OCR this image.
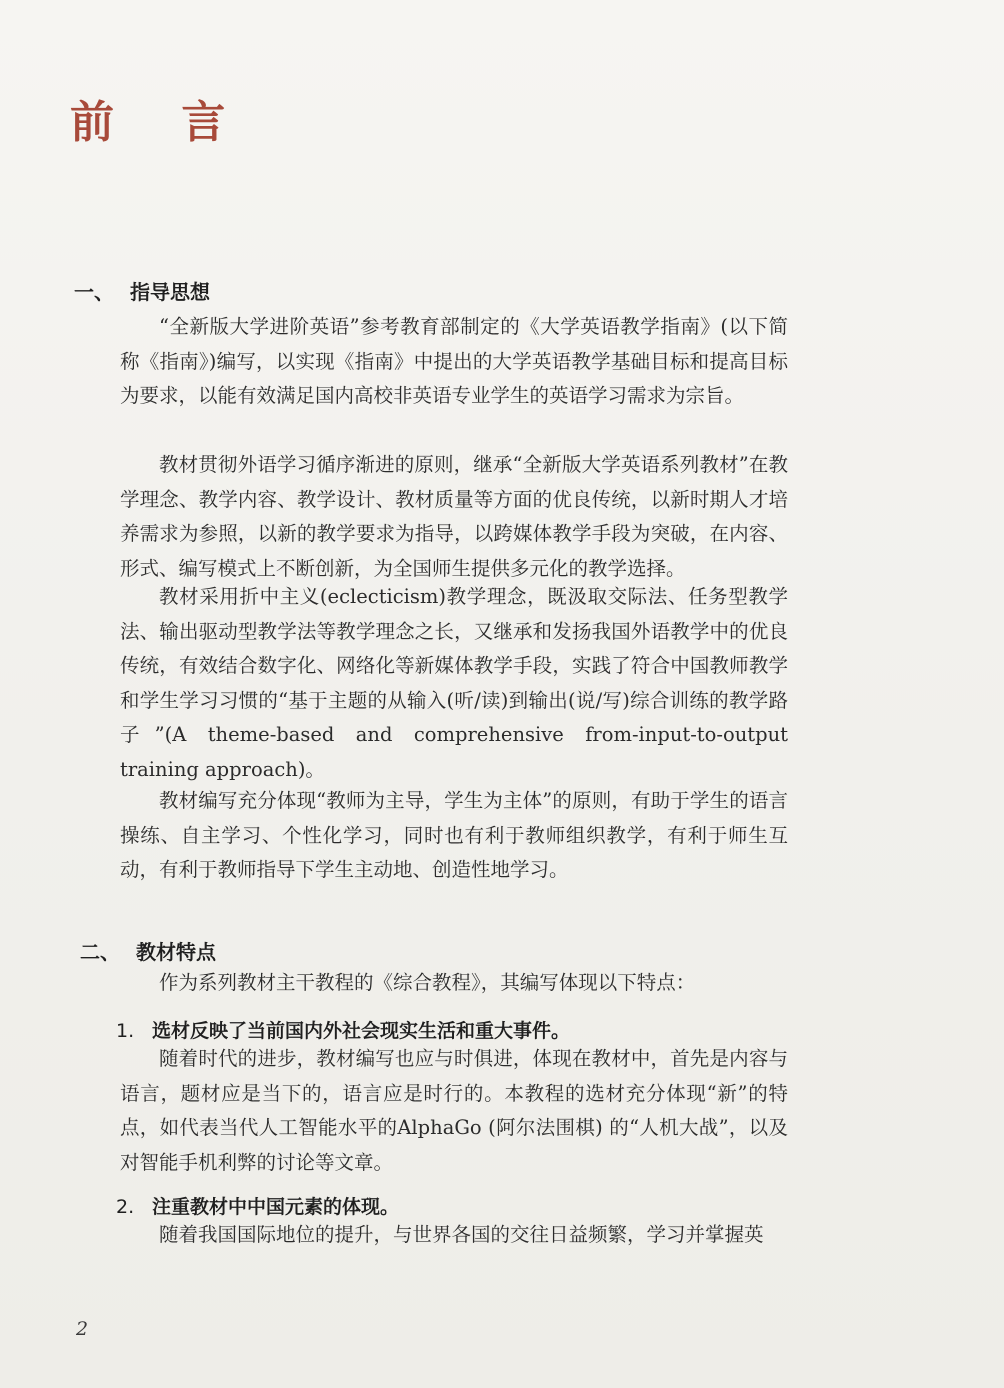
前 言
一、 指导思想

“全新版大学进阶英语”参考教育部制定的《大学英语教学指南》(以下简称《指南》)编写，以实现《指南》中提出的大学英语教学基础目标和提高目标为要求，以能有效满足国内高校非英语专业学生的英语学习需求为宗旨。

教材贯彻外语学习循序渐进的原则，继承“全新版大学英语系列教材”在教学理念、教学内容、教学设计、教材质量等方面的优良传统，以新时期人才培养需求为参照，以新的教学要求为指导，以跨媒体教学手段为突破，在内容、形式、编写模式上不断创新，为全国师生提供多元化的教学选择。

教材采用折中主义(eclecticism)教学理念，既汲取交际法、任务型教学法、输出驱动型教学法等教学理念之长，又继承和发扬我国外语教学中的优良传统，有效结合数字化、网络化等新媒体教学手段，实践了符合中国教师教学和学生学习习惯的“基于主题的从输入(听/读)到输出(说/写)综合训练的教学路子”(A theme-based and comprehensive from-input-to-output training approach)。

教材编写充分体现“教师为主导，学生为主体”的原则，有助于学生的语言操练、自主学习、个性化学习，同时也有利于教师组织教学，有利于师生互动，有利于教师指导下学生主动地、创造性地学习。

二、 教材特点

作为系列教材主干教程的《综合教程》，其编写体现以下特点：

1. 选材反映了当前国内外社会现实生活和重大事件。

随着时代的进步，教材编写也应与时俱进，体现在教材中，首先是内容与语言，题材应是当下的，语言应是时行的。本教程的选材充分体现“新”的特点，如代表当代人工智能水平的AlphaGo (阿尔法围棋) 的“人机大战”，以及对智能手机利弊的讨论等文章。

2. 注重教材中中国元素的体现。

随着我国国际地位的提升，与世界各国的交往日益频繁，学习并掌握英

2
